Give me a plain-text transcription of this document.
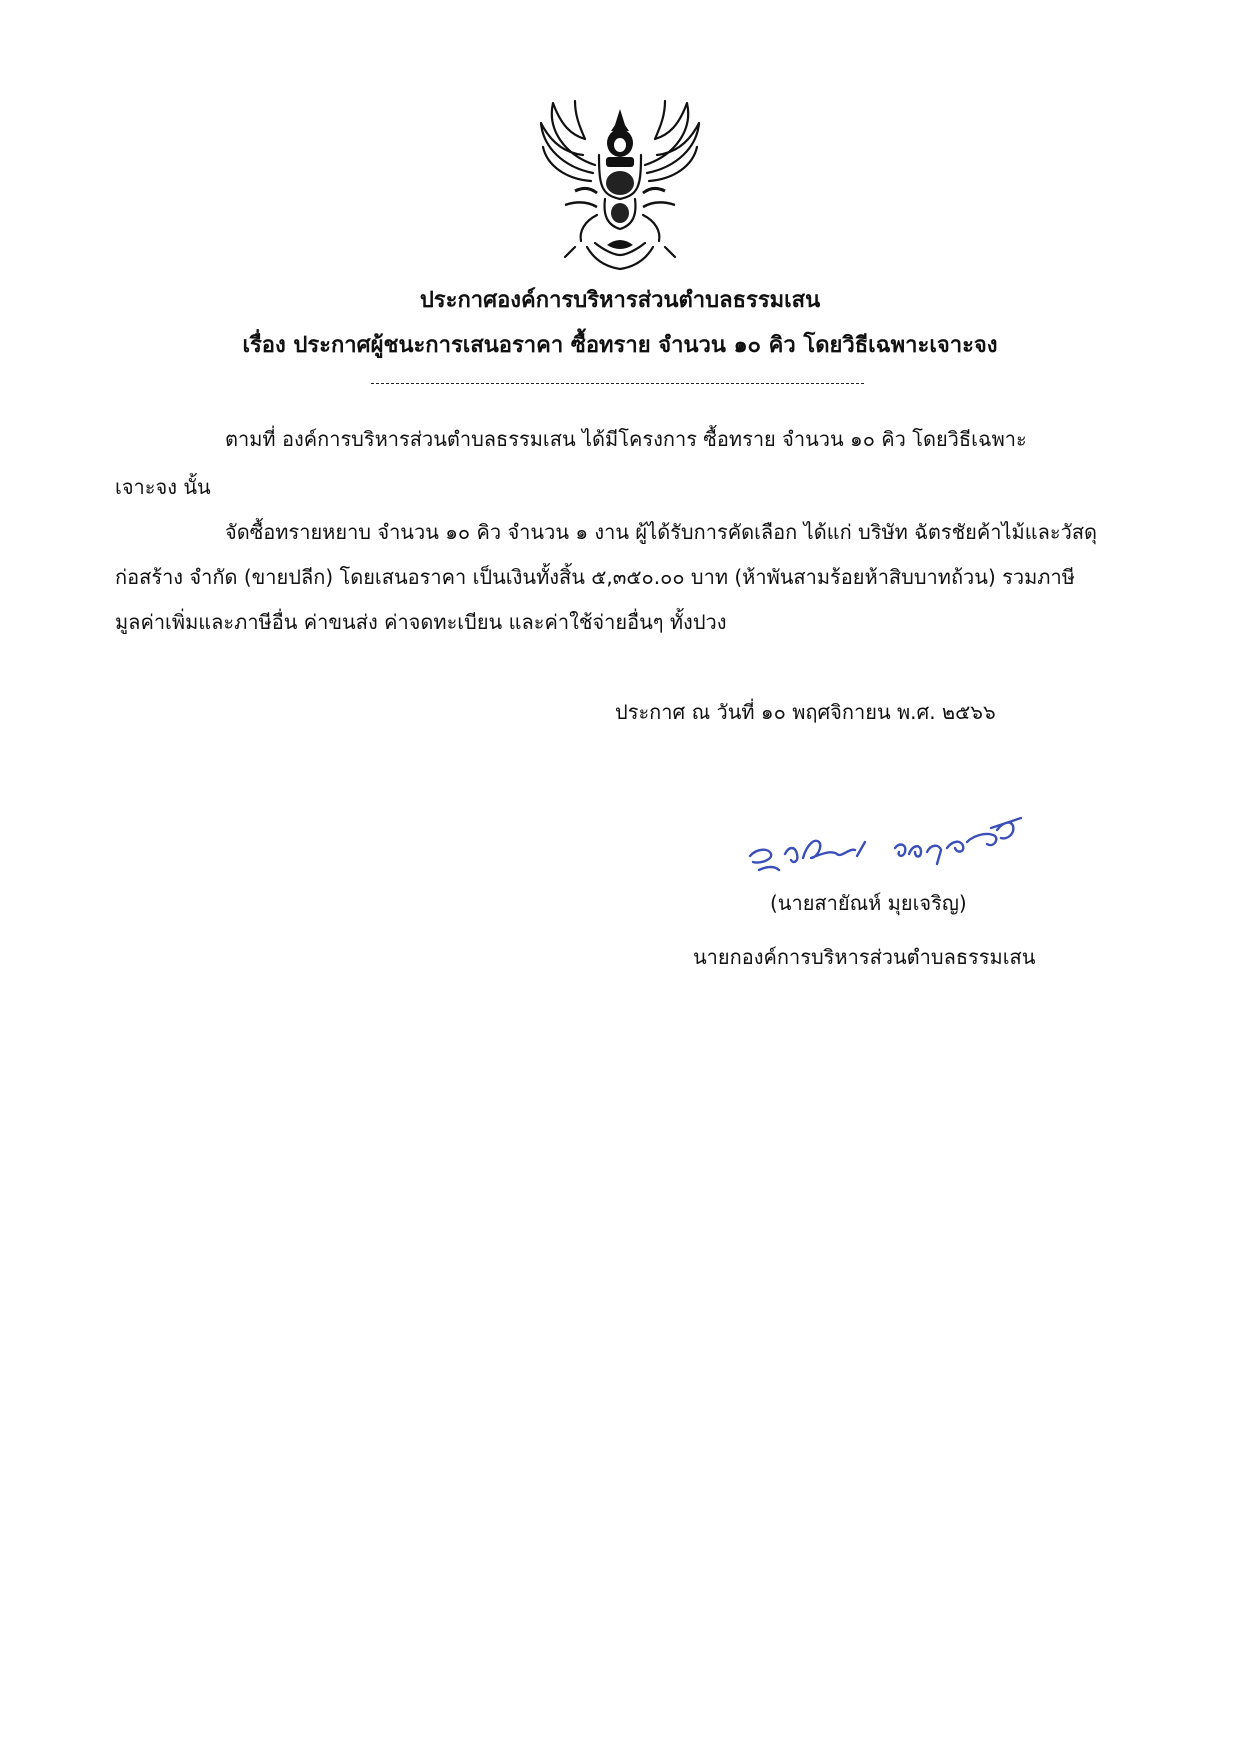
ประกาศองค์การบริหารส่วนตำบลธรรมเสน
เรื่อง ประกาศผู้ชนะการเสนอราคา ซื้อทราย จำนวน ๑๐ คิว โดยวิธีเฉพาะเจาะจง
ตามที่ องค์การบริหารส่วนตำบลธรรมเสน ได้มีโครงการ ซื้อทราย จำนวน ๑๐ คิว โดยวิธีเฉพาะ
เจาะจง นั้น
จัดซื้อทรายหยาบ จำนวน ๑๐ คิว จำนวน ๑ งาน ผู้ได้รับการคัดเลือก ได้แก่ บริษัท ฉัตรชัยค้าไม้และวัสดุ
ก่อสร้าง จำกัด (ขายปลีก) โดยเสนอราคา เป็นเงินทั้งสิ้น ๕,๓๕๐.๐๐ บาท (ห้าพันสามร้อยห้าสิบบาทถ้วน) รวมภาษี
มูลค่าเพิ่มและภาษีอื่น ค่าขนส่ง ค่าจดทะเบียน และค่าใช้จ่ายอื่นๆ ทั้งปวง
ประกาศ ณ วันที่ ๑๐ พฤศจิกายน พ.ศ. ๒๕๖๖
(นายสายัณห์ มุยเจริญ)
นายกองค์การบริหารส่วนตำบลธรรมเสน
